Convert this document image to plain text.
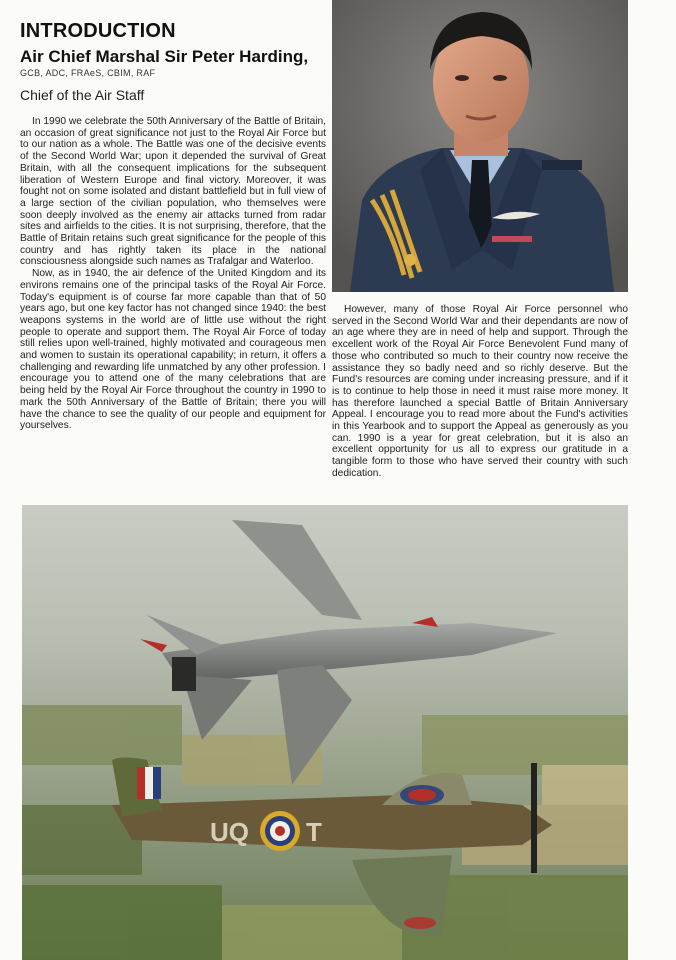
INTRODUCTION
Air Chief Marshal Sir Peter Harding,
GCB, ADC, FRAeS, CBIM, RAF
Chief of the Air Staff

In 1990 we celebrate the 50th Anniversary of the Battle of Britain, an occasion of great significance not just to the Royal Air Force but to our nation as a whole. The Battle was one of the decisive events of the Second World War; upon it depended the survival of Great Britain, with all the consequent implications for the subsequent liberation of Western Europe and final victory. Moreover, it was fought not on some isolated and distant battlefield but in full view of a large section of the civilian population, who themselves were soon deeply involved as the enemy air attacks turned from radar sites and airfields to the cities. It is not surprising, therefore, that the Battle of Britain retains such great significance for the people of this country and has rightly taken its place in the national consciousness alongside such names as Trafalgar and Waterloo.

Now, as in 1940, the air defence of the United Kingdom and its environs remains one of the principal tasks of the Royal Air Force. Today's equipment is of course far more capable than that of 50 years ago, but one key factor has not changed since 1940: the best weapons systems in the world are of little use without the right people to operate and support them. The Royal Air Force of today still relies upon well-trained, highly motivated and courageous men and women to sustain its operational capability; in return, it offers a challenging and rewarding life unmatched by any other profession. I encourage you to attend one of the many celebrations that are being held by the Royal Air Force throughout the country in 1990 to mark the 50th Anniversary of the Battle of Britain; there you will have the chance to see the quality of our people and equipment for yourselves.

However, many of those Royal Air Force personnel who served in the Second World War and their dependants are now of an age where they are in need of help and support. Through the excellent work of the Royal Air Force Benevolent Fund many of those who contributed so much to their country now receive the assistance they so badly need and so richly deserve. But the Fund's resources are coming under increasing pressure, and if it is to continue to help those in need it must raise more money. It has therefore launched a special Battle of Britain Anniversary Appeal. I encourage you to read more about the Fund's activities in this Yearbook and to support the Appeal as generously as you can. 1990 is a year for great celebration, but it is also an excellent opportunity for us all to express our gratitude in a tangible form to those who have served their country with such dedication.

UQ T
